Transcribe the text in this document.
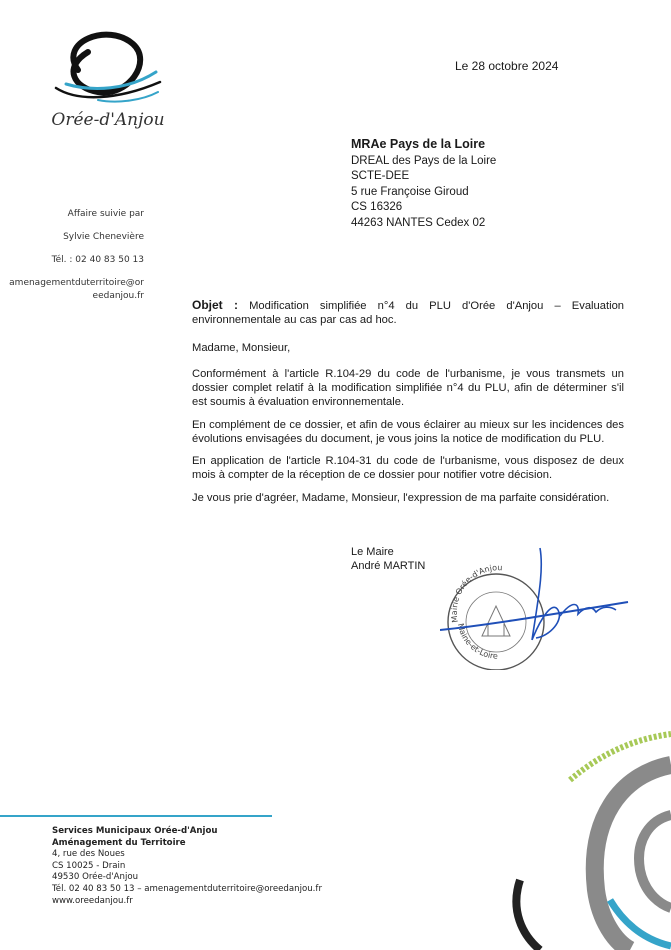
Orée-d'Anjou
Le 28 octobre 2024
MRAe Pays de la Loire
DREAL des Pays de la Loire
SCTE-DEE
5 rue Françoise Giroud
CS 16326
44263 NANTES Cedex 02
Affaire suivie par
Sylvie Chenevière
Tél. : 02 40 83 50 13
amenagementduterritoire@or
eedanjou.fr

Objet : Modification simplifiée n°4 du PLU d'Orée d'Anjou – Evaluation environnementale au cas par cas ad hoc.

Madame, Monsieur,

Conformément à l'article R.104-29 du code de l'urbanisme, je vous transmets un dossier complet relatif à la modification simplifiée n°4 du PLU, afin de déterminer s'il est soumis à évaluation environnementale.

En complément de ce dossier, et afin de vous éclairer au mieux sur les incidences des évolutions envisagées du document, je vous joins la notice de modification du PLU.

En application de l'article R.104-31 du code de l'urbanisme, vous disposez de deux mois à compter de la réception de ce dossier pour notifier votre décision.

Je vous prie d'agréer, Madame, Monsieur, l'expression de ma parfaite considération.

Le Maire
André MARTIN
Mairie Orée-d'Anjou
Maine-et-Loire
Services Municipaux Orée-d'Anjou
Aménagement du Territoire
4, rue des Noues
CS 10025 - Drain
49530 Orée-d'Anjou
Tél. 02 40 83 50 13 – amenagementduterritoire@oreedanjou.fr
www.oreedanjou.fr
